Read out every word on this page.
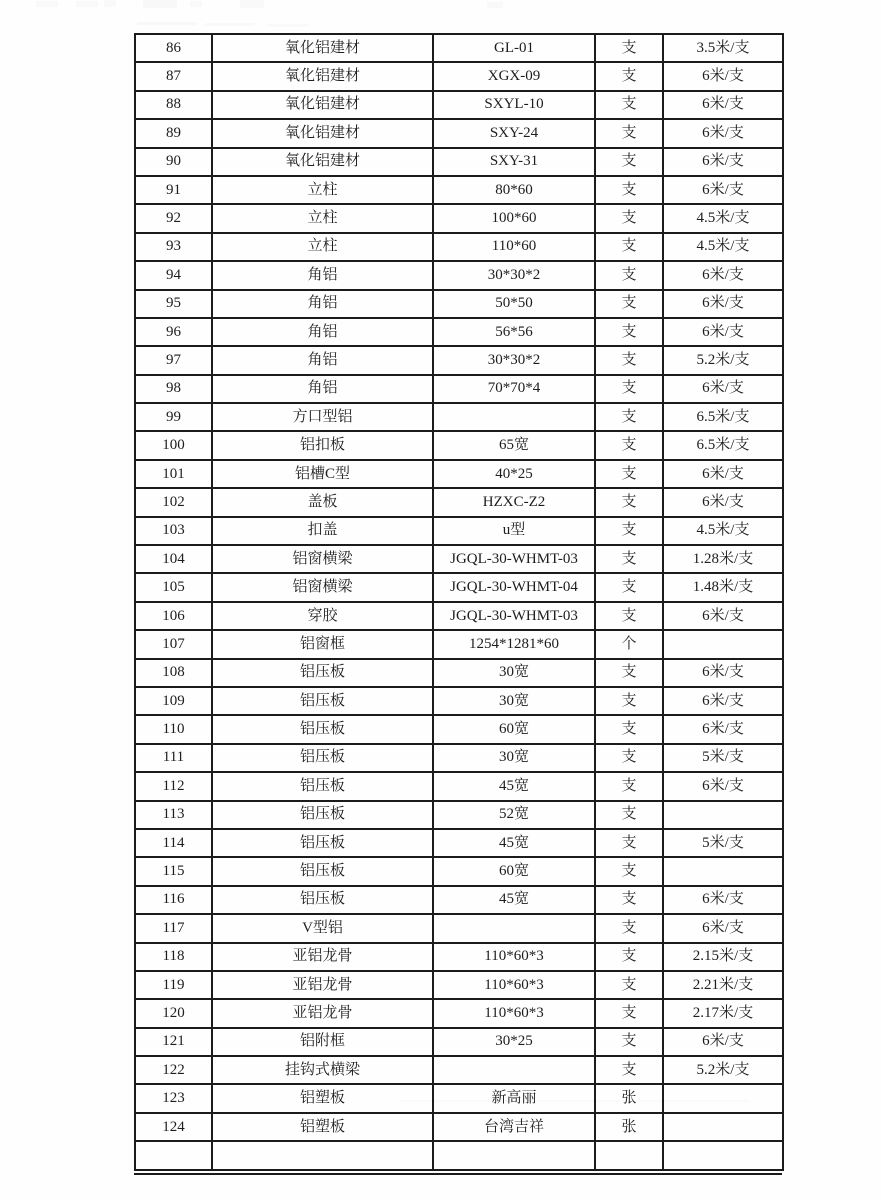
86	氧化铝建材	GL-01	支	3.5米/支
87	氧化铝建材	XGX-09	支	6米/支
88	氧化铝建材	SXYL-10	支	6米/支
89	氧化铝建材	SXY-24	支	6米/支
90	氧化铝建材	SXY-31	支	6米/支
91	立柱	80*60	支	6米/支
92	立柱	100*60	支	4.5米/支
93	立柱	110*60	支	4.5米/支
94	角铝	30*30*2	支	6米/支
95	角铝	50*50	支	6米/支
96	角铝	56*56	支	6米/支
97	角铝	30*30*2	支	5.2米/支
98	角铝	70*70*4	支	6米/支
99	方口型铝		支	6.5米/支
100	铝扣板	65宽	支	6.5米/支
101	铝槽C型	40*25	支	6米/支
102	盖板	HZXC-Z2	支	6米/支
103	扣盖	u型	支	4.5米/支
104	铝窗横梁	JGQL-30-WHMT-03	支	1.28米/支
105	铝窗横梁	JGQL-30-WHMT-04	支	1.48米/支
106	穿胶	JGQL-30-WHMT-03	支	6米/支
107	铝窗框	1254*1281*60	个	
108	铝压板	30宽	支	6米/支
109	铝压板	30宽	支	6米/支
110	铝压板	60宽	支	6米/支
111	铝压板	30宽	支	5米/支
112	铝压板	45宽	支	6米/支
113	铝压板	52宽	支	
114	铝压板	45宽	支	5米/支
115	铝压板	60宽	支	
116	铝压板	45宽	支	6米/支
117	V型铝		支	6米/支
118	亚铝龙骨	110*60*3	支	2.15米/支
119	亚铝龙骨	110*60*3	支	2.21米/支
120	亚铝龙骨	110*60*3	支	2.17米/支
121	铝附框	30*25	支	6米/支
122	挂钩式横梁		支	5.2米/支
123	铝塑板	新高丽	张	
124	铝塑板	台湾吉祥	张	
